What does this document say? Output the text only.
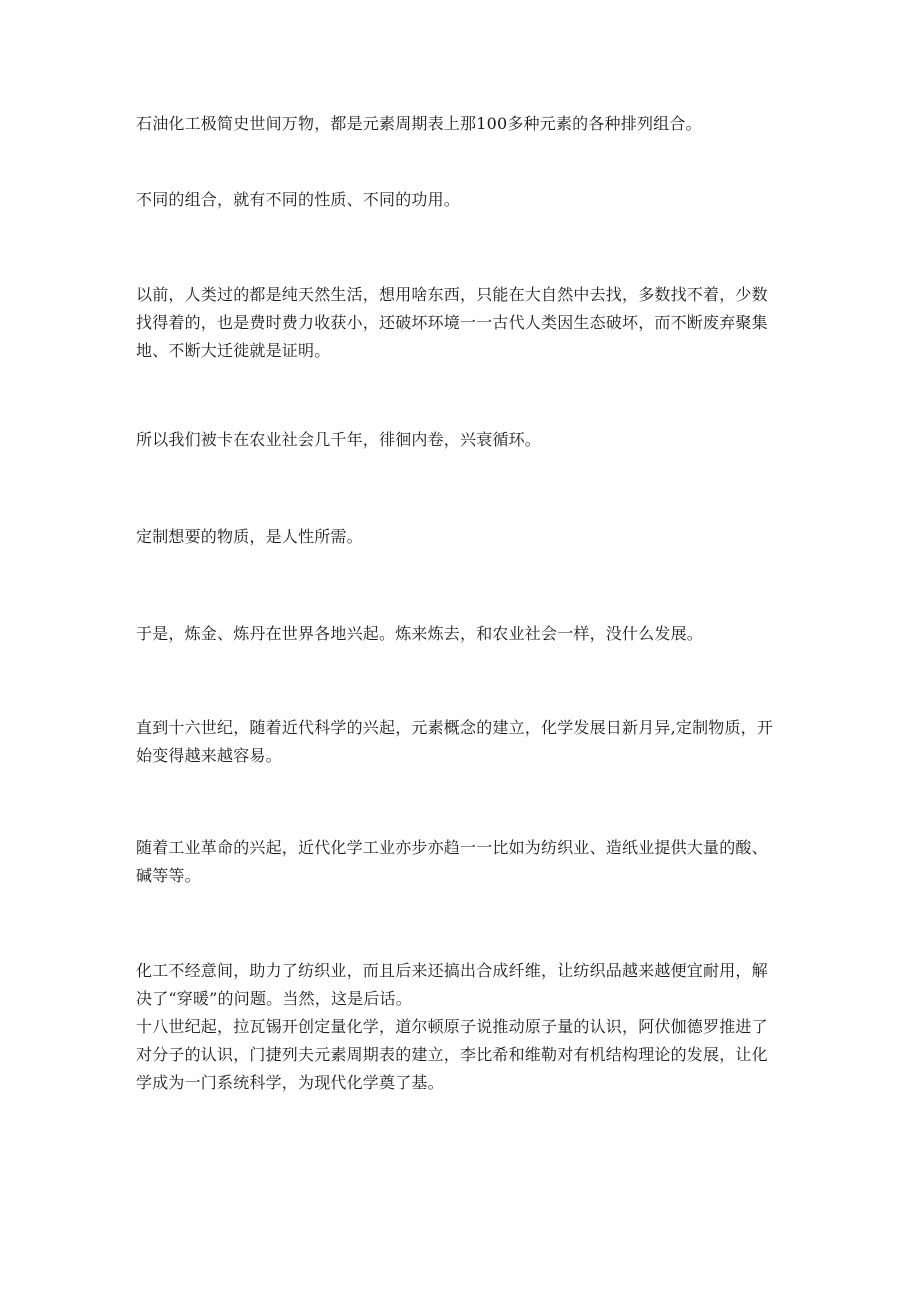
石油化工极简史世间万物，都是元素周期表上那100多种元素的各种排列组合。

不同的组合，就有不同的性质、不同的功用。

以前，人类过的都是纯天然生活，想用啥东西，只能在大自然中去找，多数找不着，少数找得着的，也是费时费力收获小，还破坏环境一一古代人类因生态破坏，而不断废弃聚集地、不断大迁徙就是证明。

所以我们被卡在农业社会几千年，徘徊内卷，兴衰循环。

定制想要的物质，是人性所需。

于是，炼金、炼丹在世界各地兴起。炼来炼去，和农业社会一样，没什么发展。

直到十六世纪，随着近代科学的兴起，元素概念的建立，化学发展日新月异,定制物质，开始变得越来越容易。

随着工业革命的兴起，近代化学工业亦步亦趋一一比如为纺织业、造纸业提供大量的酸、碱等等。

化工不经意间，助力了纺织业，而且后来还搞出合成纤维，让纺织品越来越便宜耐用，解决了“穿暖”的问题。当然，这是后话。
十八世纪起，拉瓦锡开创定量化学，道尔顿原子说推动原子量的认识，阿伏伽德罗推进了对分子的认识，门捷列夫元素周期表的建立，李比希和维勒对有机结构理论的发展，让化学成为一门系统科学，为现代化学奠了基。
